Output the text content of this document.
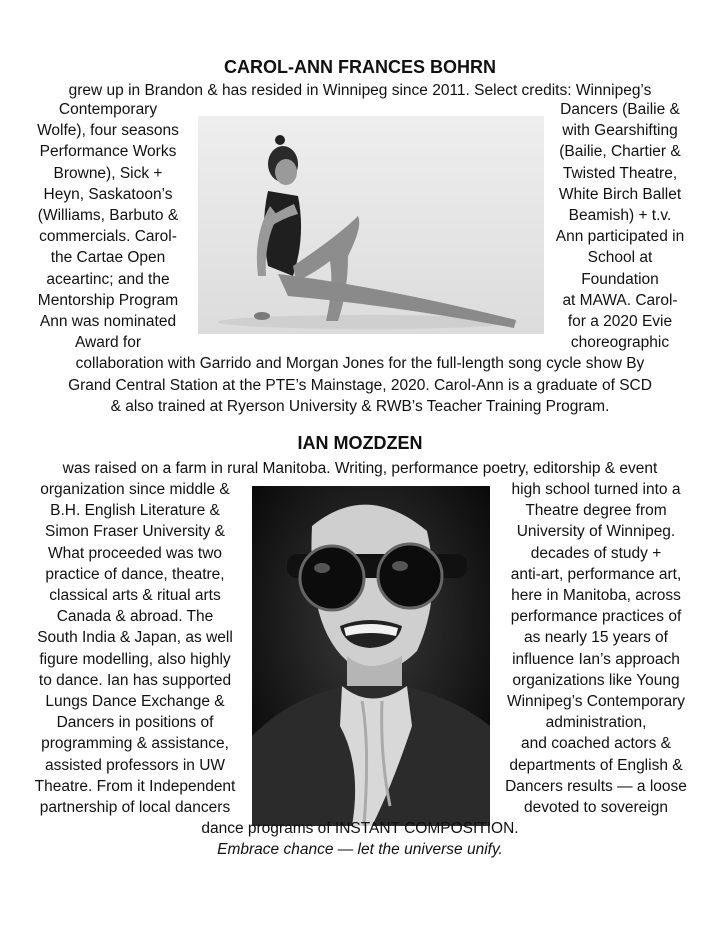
CAROL-ANN FRANCES BOHRN
grew up in Brandon & has resided in Winnipeg since 2011. Select credits: Winnipeg’s
Contemporary
Wolfe), four seasons
Performance Works
Browne), Sick +
Heyn, Saskatoon’s
(Williams, Barbuto &
commercials. Carol-
the Cartae Open
aceartinc; and the
Mentorship Program
Ann was nominated
Award for
Dancers (Bailie &
with Gearshifting
(Bailie, Chartier &
Twisted Theatre,
White Birch Ballet
Beamish) + t.v.
Ann participated in
School at
Foundation
at MAWA. Carol-
for a 2020 Evie
choreographic
collaboration with Garrido and Morgan Jones for the full-length song cycle show By
Grand Central Station at the PTE’s Mainstage, 2020. Carol-Ann is a graduate of SCD
& also trained at Ryerson University & RWB’s Teacher Training Program.
IAN MOZDZEN
was raised on a farm in rural Manitoba. Writing, performance poetry, editorship & event
organization since middle &
B.H. English Literature &
Simon Fraser University &
What proceeded was two
practice of dance, theatre,
classical arts & ritual arts
Canada & abroad. The
South India & Japan, as well
figure modelling, also highly
to dance. Ian has supported
Lungs Dance Exchange &
Dancers in positions of
programming & assistance,
assisted professors in UW
Theatre. From it Independent
partnership of local dancers
high school turned into a
Theatre degree from
University of Winnipeg.
decades of study +
anti-art, performance art,
here in Manitoba, across
performance practices of
as nearly 15 years of
influence Ian’s approach
organizations like Young
Winnipeg’s Contemporary
administration,
and coached actors &
departments of English &
Dancers results — a loose
devoted to sovereign
dance programs of INSTANT COMPOSITION.
Embrace chance — let the universe unify.
